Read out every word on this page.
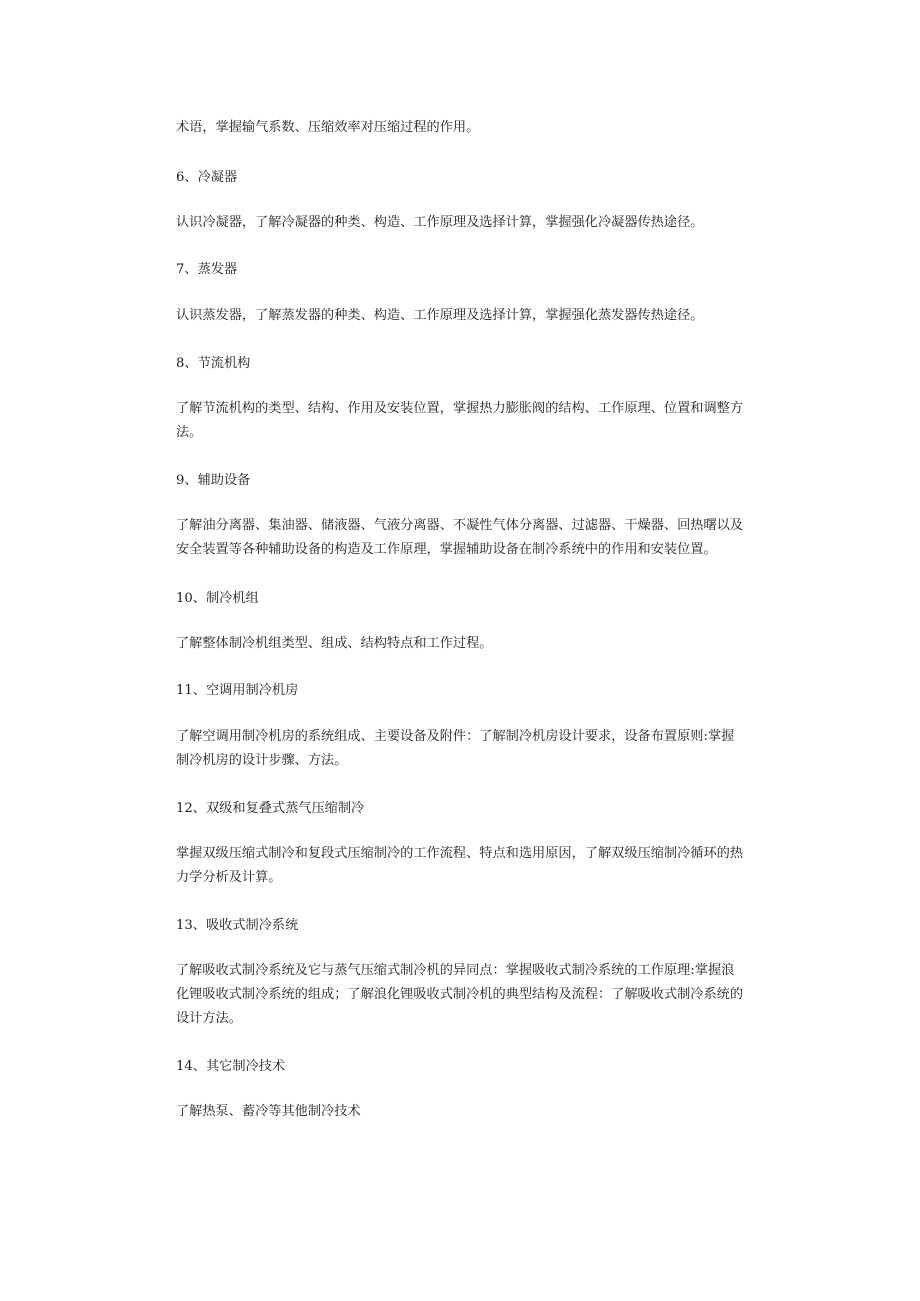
术语，掌握输气系数、压缩效率对压缩过程的作用。
6、冷凝器
认识冷凝器，了解冷凝器的种类、构造、工作原理及选择计算，掌握强化冷凝器传热途径。
7、蒸发器
认识蒸发器，了解蒸发器的种类、构造、工作原理及选择计算，掌握强化蒸发器传热途径。
8、节流机构
了解节流机构的类型、结构、作用及安装位置，掌握热力膨胀阀的结构、工作原理、位置和调整方法。
9、辅助设备
了解油分离器、集油器、储液器、气液分离器、不凝性气体分离器、过滤器、干燥器、回热曙以及安全装置等各种辅助设备的构造及工作原理，掌握辅助设备在制冷系统中的作用和安装位置。
10、制冷机组
了解整体制冷机组类型、组成、结构特点和工作过程。
11、空调用制冷机房
了解空调用制冷机房的系统组成、主要设备及附件：了解制冷机房设计要求，设备布置原则:掌握制冷机房的设计步骤、方法。
12、双级和复叠式蒸气压缩制冷
掌握双级压缩式制冷和复段式压缩制冷的工作流程、特点和选用原因，了解双级压缩制冷循环的热力学分析及计算。
13、吸收式制冷系统
了解吸收式制冷系统及它与蒸气压缩式制冷机的异同点：掌握吸收式制冷系统的工作原理:掌握浪化锂吸收式制冷系统的组成；了解浪化锂吸收式制冷机的典型结构及流程：了解吸收式制冷系统的设计方法。
14、其它制冷技术
了解热泵、蓄冷等其他制冷技术
